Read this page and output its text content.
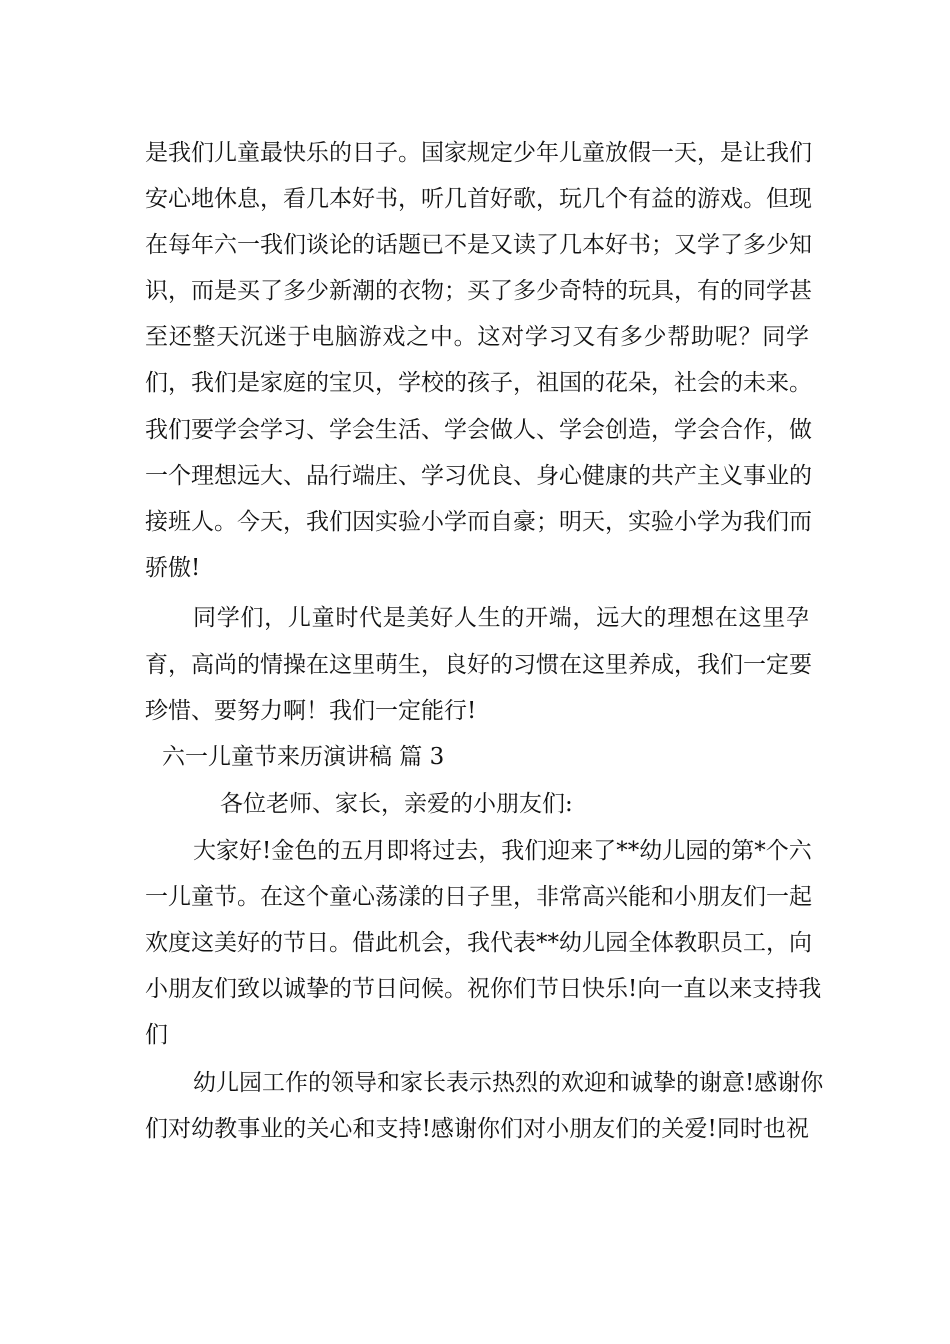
是我们儿童最快乐的日子。国家规定少年儿童放假一天，是让我们
安心地休息，看几本好书，听几首好歌，玩几个有益的游戏。但现
在每年六一我们谈论的话题已不是又读了几本好书；又学了多少知
识，而是买了多少新潮的衣物；买了多少奇特的玩具，有的同学甚
至还整天沉迷于电脑游戏之中。这对学习又有多少帮助呢？同学
们，我们是家庭的宝贝，学校的孩子，祖国的花朵，社会的未来。
我们要学会学习、学会生活、学会做人、学会创造，学会合作，做
一个理想远大、品行端庄、学习优良、身心健康的共产主义事业的
接班人。今天，我们因实验小学而自豪；明天，实验小学为我们而
骄傲!
同学们，儿童时代是美好人生的开端，远大的理想在这里孕
育，高尚的情操在这里萌生，良好的习惯在这里养成，我们一定要
珍惜、要努力啊！我们一定能行!
六一儿童节来历演讲稿 篇 3
各位老师、家长，亲爱的小朋友们:
大家好!金色的五月即将过去，我们迎来了**幼儿园的第*个六
一儿童节。在这个童心荡漾的日子里，非常高兴能和小朋友们一起
欢度这美好的节日。借此机会，我代表**幼儿园全体教职员工，向
小朋友们致以诚挚的节日问候。祝你们节日快乐!向一直以来支持我
们
幼儿园工作的领导和家长表示热烈的欢迎和诚挚的谢意!感谢你
们对幼教事业的关心和支持!感谢你们对小朋友们的关爱!同时也祝
